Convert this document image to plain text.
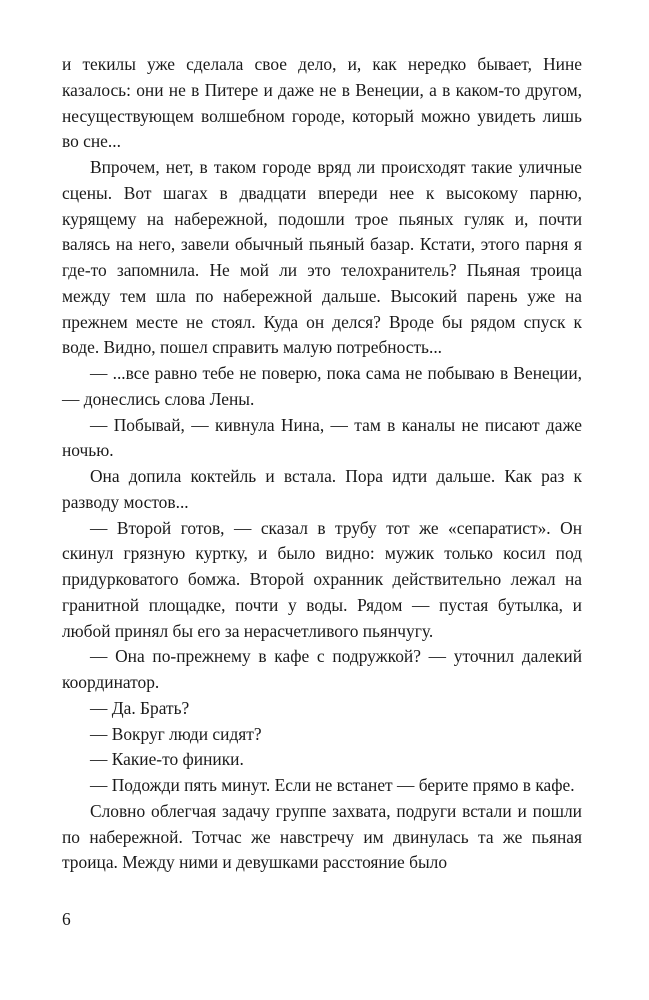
и текилы уже сделала свое дело, и, как нередко бывает, Нине казалось: они не в Питере и даже не в Венеции, а в каком-то другом, несуществующем волшебном городе, который можно увидеть лишь во сне...

Впрочем, нет, в таком городе вряд ли происходят такие уличные сцены. Вот шагах в двадцати впереди нее к высокому парню, курящему на набережной, подошли трое пьяных гуляк и, почти валясь на него, завели обычный пьяный базар. Кстати, этого парня я где-то запомнила. Не мой ли это телохранитель? Пьяная троица между тем шла по набережной дальше. Высокий парень уже на прежнем месте не стоял. Куда он делся? Вроде бы рядом спуск к воде. Видно, пошел справить малую потребность...

— ...все равно тебе не поверю, пока сама не побываю в Венеции, — донеслись слова Лены.

— Побывай, — кивнула Нина, — там в каналы не писают даже ночью.

Она допила коктейль и встала. Пора идти дальше. Как раз к разводу мостов...

— Второй готов, — сказал в трубу тот же «сепаратист». Он скинул грязную куртку, и было видно: мужик только косил под придурковатого бомжа. Второй охранник действительно лежал на гранитной площадке, почти у воды. Рядом — пустая бутылка, и любой принял бы его за нерасчетливого пьянчугу.

— Она по-прежнему в кафе с подружкой? — уточнил далекий координатор.

— Да. Брать?

— Вокруг люди сидят?

— Какие-то финики.

— Подожди пять минут. Если не встанет — берите прямо в кафе.

Словно облегчая задачу группе захвата, подруги встали и пошли по набережной. Тотчас же навстречу им двинулась та же пьяная троица. Между ними и девушками расстояние было

6
